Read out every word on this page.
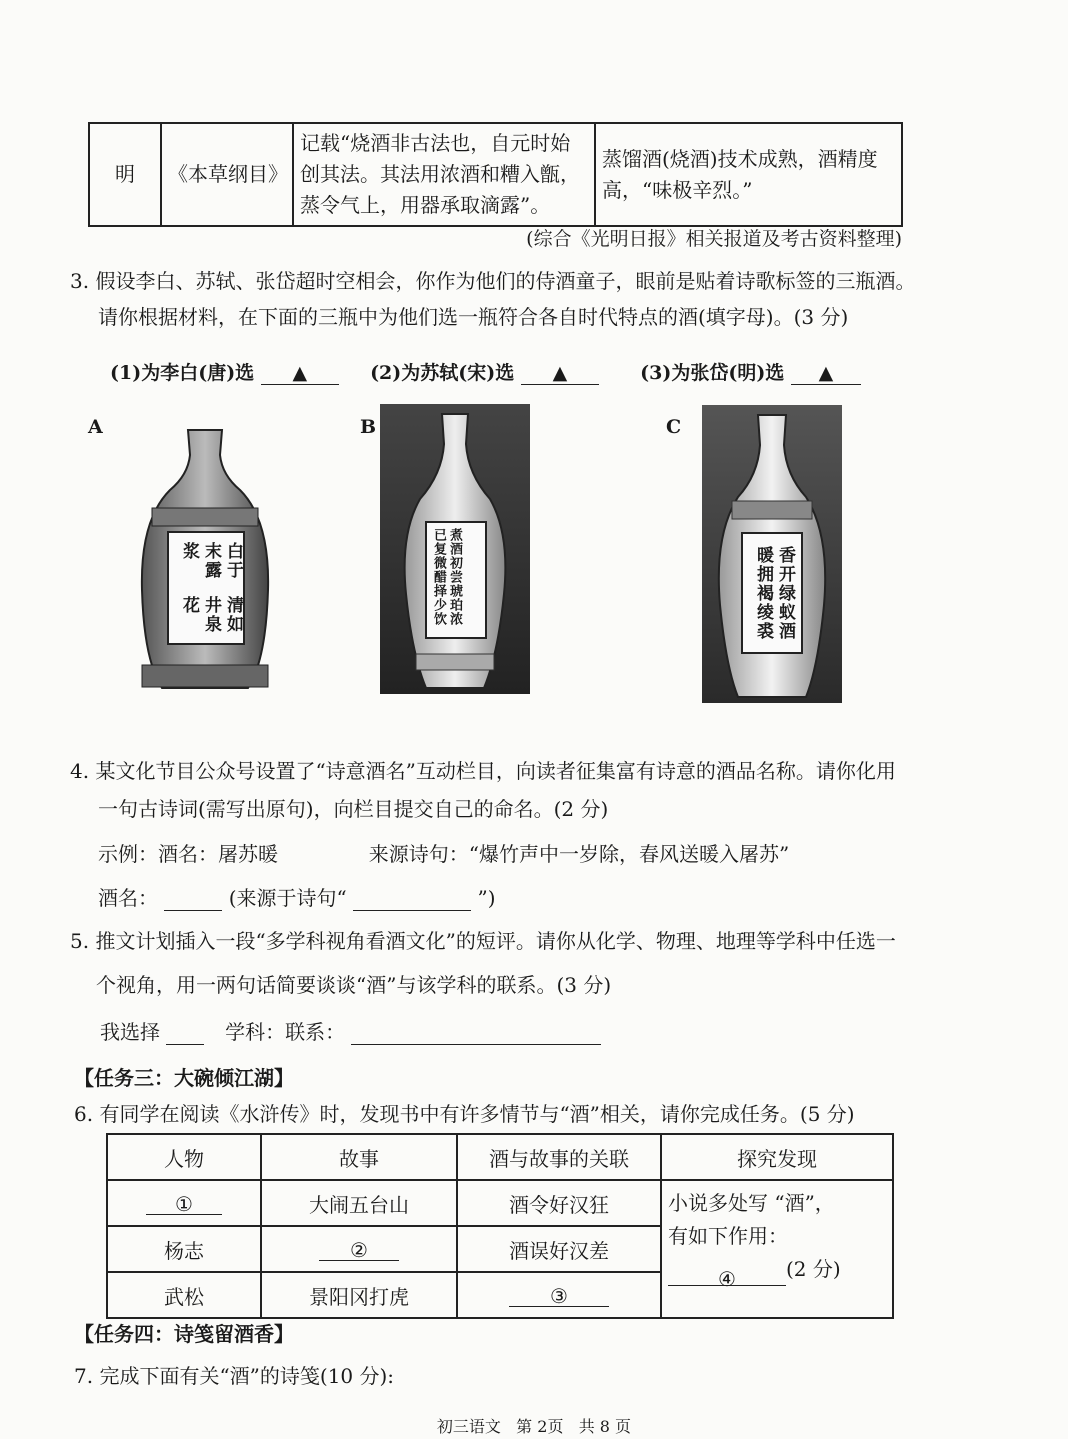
明	《本草纲目》	记载“烧酒非古法也，自元时始创其法。其法用浓酒和糟入甑，蒸令气上，用器承取滴露”。	蒸馏酒(烧酒)技术成熟，酒精度高，“味极辛烈。”
(综合《光明日报》相关报道及考古资料整理)
3. 假设李白、苏轼、张岱超时空相会，你作为他们的侍酒童子，眼前是贴着诗歌标签的三瓶酒。
请你根据材料，在下面的三瓶中为他们选一瓶符合各自时代特点的酒(填字母)。(3 分)
(1)为李白(唐)选 ▲	(2)为苏轼(宋)选 ▲	(3)为张岱(明)选 ▲
A
清如井泉花
白于末露浆
B
煮酒初尝琥珀浓
已复微醋择少饮
C
香开绿蚁酒
暖拥褐绫裘
4. 某文化节目公众号设置了“诗意酒名”互动栏目，向读者征集富有诗意的酒品名称。请你化用
一句古诗词(需写出原句)，向栏目提交自己的命名。(2 分)
示例：酒名：屠苏暖	来源诗句：“爆竹声中一岁除，春风送暖入屠苏”
酒名：	(来源于诗句“	”)
5. 推文计划插入一段“多学科视角看酒文化”的短评。请你从化学、物理、地理等学科中任选一
个视角，用一两句话简要谈谈“酒”与该学科的联系。(3 分)
我选择	学科：联系：
【任务三：大碗倾江湖】
6. 有同学在阅读《水浒传》时，发现书中有许多情节与“酒”相关，请你完成任务。(5 分)
人物	故事	酒与故事的关联	探究发现
①	大闹五台山	酒令好汉狂	小说多处写 “酒”，
有如下作用：
④ (2 分)

杨志	②	酒误好汉差	
武松	景阳冈打虎	③	
【任务四：诗笺留酒香】
7. 完成下面有关“酒”的诗笺(10 分):
初三语文   第 2页   共 8 页
